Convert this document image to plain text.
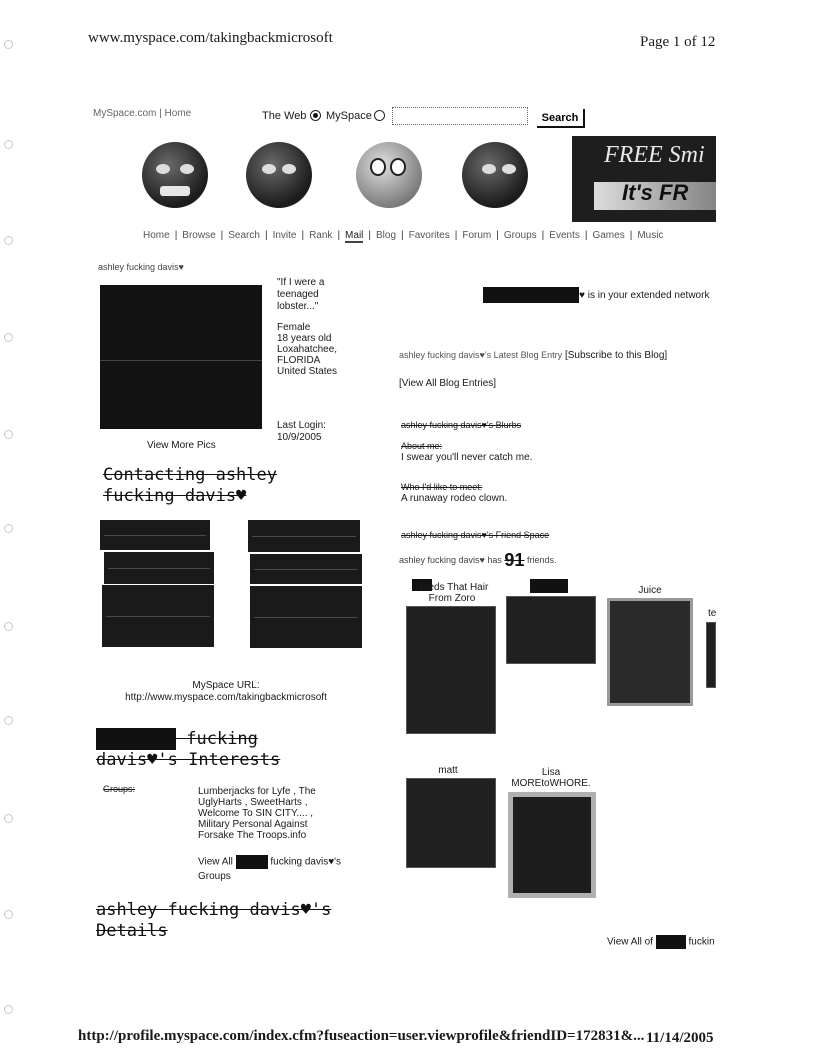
www.myspace.com/takingbackmicrosoft	Page 1 of 12
MySpace.com | Home	The Web MySpace	Search
FREE Smi
It's FR
Home | Browse | Search | Invite | Rank | Mail | Blog | Favorites | Forum | Groups | Events | Games | Music
ashley fucking davis♥
"If I were a teenaged lobster..."
Female
18 years old
Loxahatchee,
FLORIDA
United States
Last Login:
10/9/2005
View More Pics
Contacting ashley fucking davis♥
MySpace URL:
http://www.myspace.com/takingbackmicrosoft
fucking davis♥'s Interests
Groups:	Lumberjacks for Lyfe , The UglyHarts , SweetHarts , Welcome To SIN CITY.... , Military Personal Against Forsake The Troops.info
View All	fucking davis♥'s Groups
ashley fucking davis♥'s Details
♥ is in your extended network
ashley fucking davis♥'s Latest Blog Entry [Subscribe to this Blog]
[View All Blog Entries]
ashley fucking davis♥'s Blurbs
About me:
I swear you'll never catch me.
Who I'd like to meet:
A runaway rodeo clown.
ashley fucking davis♥'s Friend Space
ashley fucking davis♥ has 91 friends.
Needs That Hair From Zoro
Juice
te
matt	Lisa MOREtoWHORE.
View All of	fuckin
http://profile.myspace.com/index.cfm?fuseaction=user.viewprofile&friendID=172831&... 11/14/2005
